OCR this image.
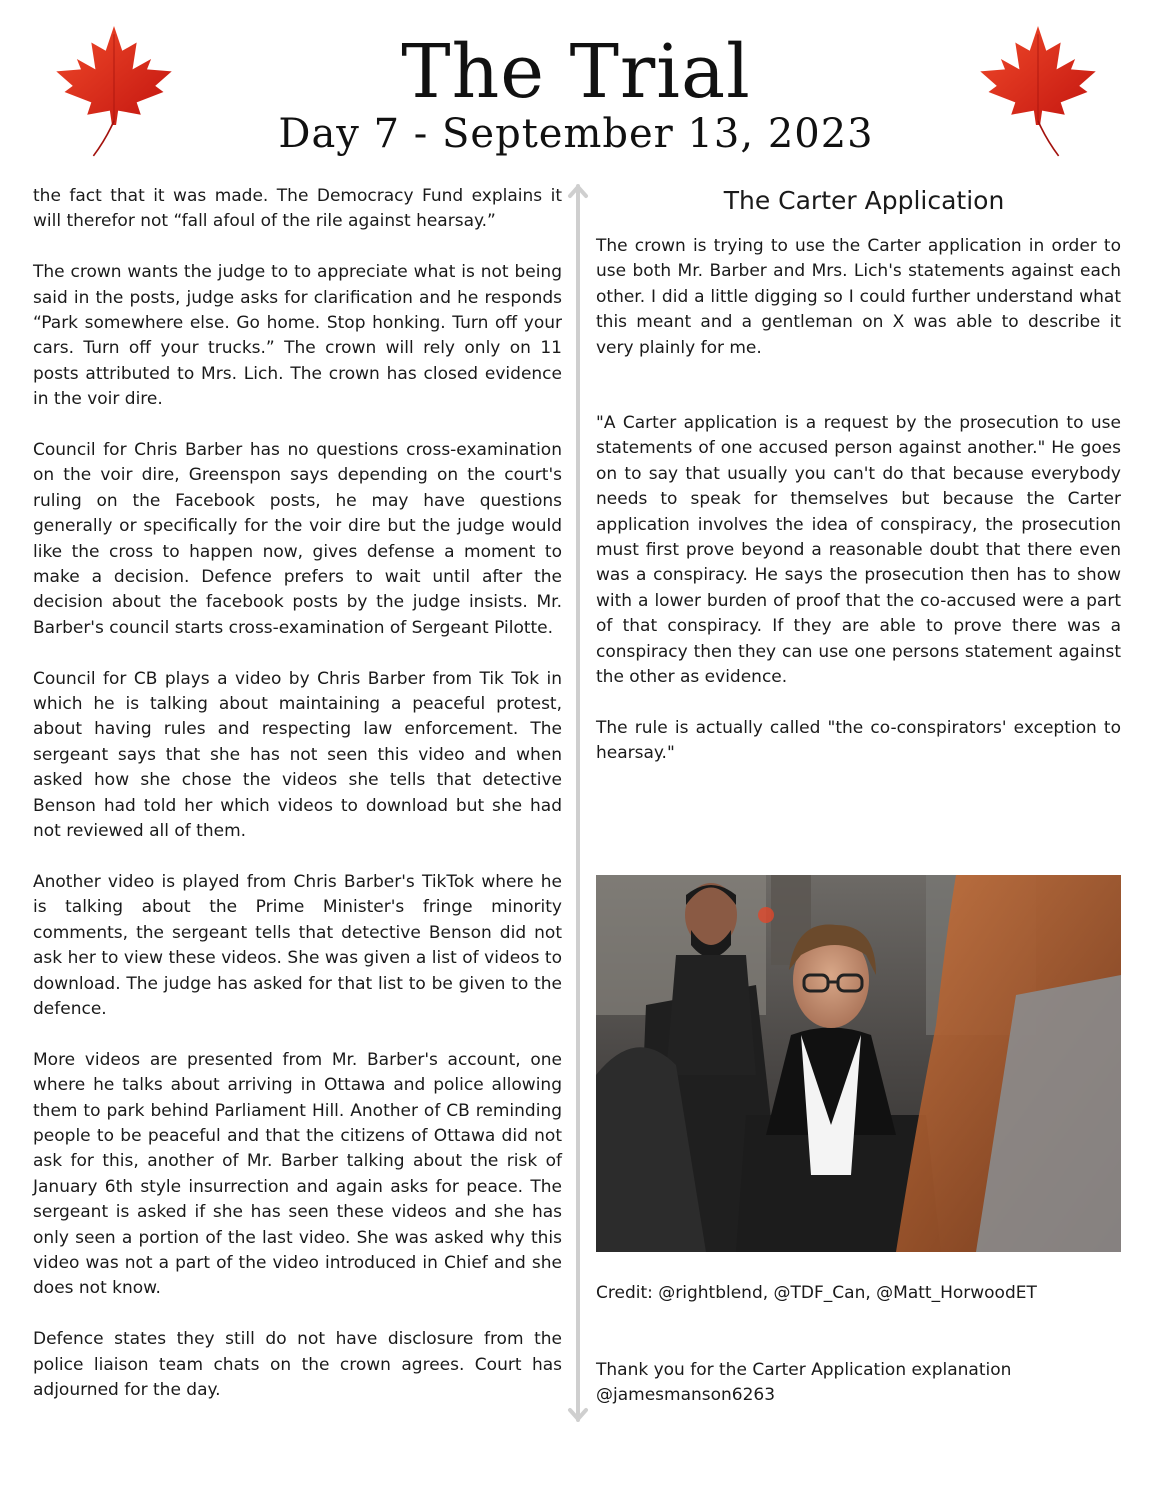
The Trial
Day 7 - September 13, 2023

the fact that it was made. The Democracy Fund explains it will therefor not “fall afoul of the rile against hearsay.”

The crown wants the judge to to appreciate what is not being said in the posts, judge asks for clarification and he responds “Park somewhere else. Go home. Stop honking. Turn off your cars. Turn off your trucks.” The crown will rely only on 11 posts attributed to Mrs. Lich. The crown has closed evidence in the voir dire.

Council for Chris Barber has no questions cross-examination on the voir dire, Greenspon says depending on the court's ruling on the Facebook posts, he may have questions generally or specifically for the voir dire but the judge would like the cross to happen now, gives defense a moment to make a decision. Defence prefers to wait until after the decision about the facebook posts by the judge insists. Mr. Barber's council starts cross-examination of Sergeant Pilotte.

Council for CB plays a video by Chris Barber from Tik Tok in which he is talking about maintaining a peaceful protest, about having rules and respecting law enforcement. The sergeant says that she has not seen this video and when asked how she chose the videos she tells that detective Benson had told her which videos to download but she had not reviewed all of them.

Another video is played from Chris Barber's TikTok where he is talking about the Prime Minister's fringe minority comments, the sergeant tells that detective Benson did not ask her to view these videos. She was given a list of videos to download. The judge has asked for that list to be given to the defence.

More videos are presented from Mr. Barber's account, one where he talks about arriving in Ottawa and police allowing them to park behind Parliament Hill. Another of CB reminding people to be peaceful and that the citizens of Ottawa did not ask for this, another of Mr. Barber talking about the risk of January 6th style insurrection and again asks for peace. The sergeant is asked if she has seen these videos and she has only seen a portion of the last video. She was asked why this video was not a part of the video introduced in Chief and she does not know.

Defence states they still do not have disclosure from the police liaison team chats on the crown agrees. Court has adjourned for the day.

The Carter Application

The crown is trying to use the Carter application in order to use both Mr. Barber and Mrs. Lich's statements against each other. I did a little digging so I could further understand what this meant and a gentleman on X was able to describe it very plainly for me.

"A Carter application is a request by the prosecution to use statements of one accused person against another." He goes on to say that usually you can't do that because everybody needs to speak for themselves but because the Carter application involves the idea of conspiracy, the prosecution must first prove beyond a reasonable doubt that there even was a conspiracy. He says the prosecution then has to show with a lower burden of proof that the co-accused were a part of that conspiracy. If they are able to prove there was a conspiracy then they can use one persons statement against the other as evidence.

The rule is actually called "the co-conspirators' exception to hearsay."

Credit: @rightblend, @TDF_Can, @Matt_HorwoodET
Thank you for the Carter Application explanation
@jamesmanson6263
